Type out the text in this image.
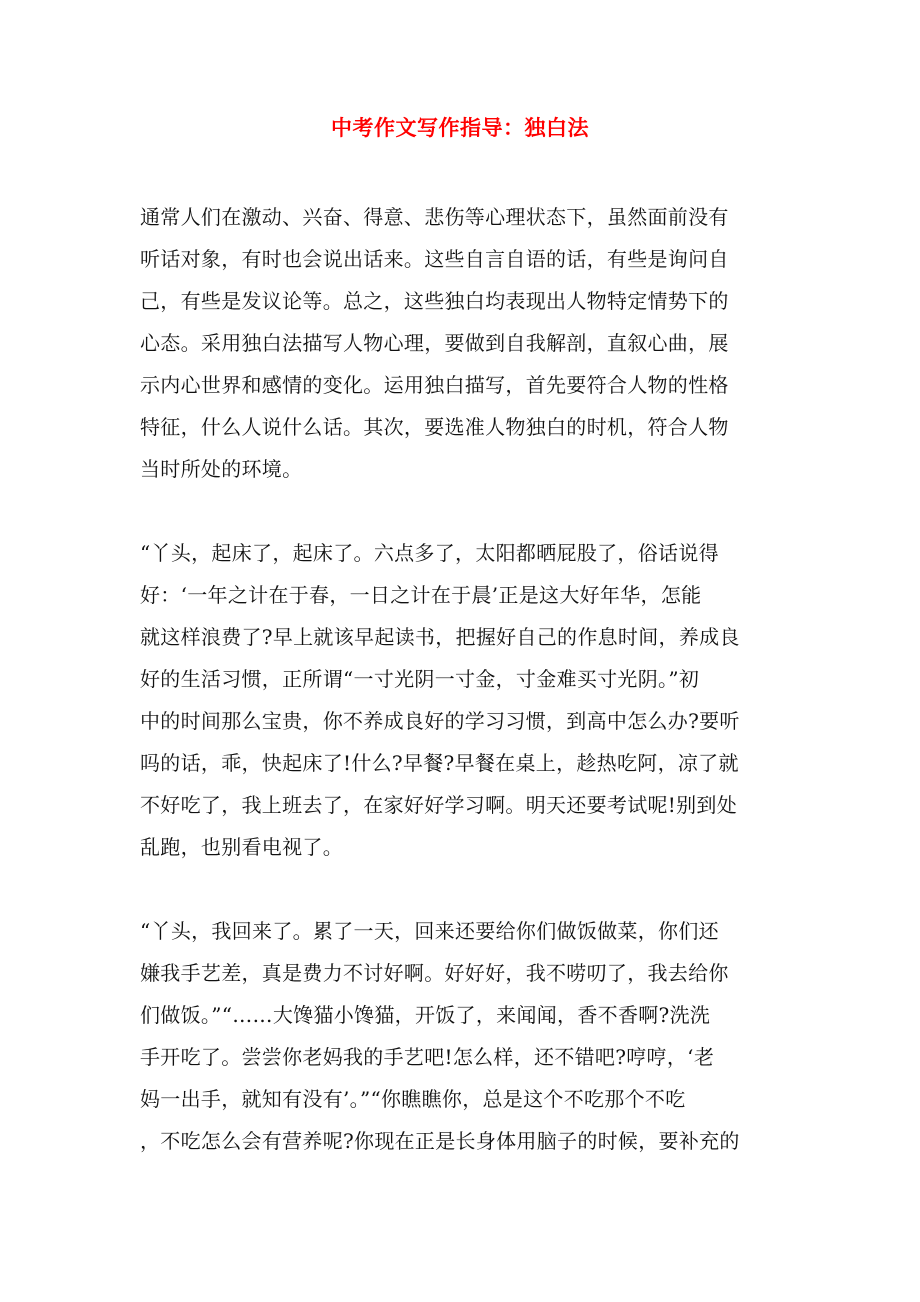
中考作文写作指导：独白法
通常人们在激动、兴奋、得意、悲伤等心理状态下，虽然面前没有
听话对象，有时也会说出话来。这些自言自语的话，有些是询问自
己，有些是发议论等。总之，这些独白均表现出人物特定情势下的
心态。采用独白法描写人物心理，要做到自我解剖，直叙心曲，展
示内心世界和感情的变化。运用独白描写，首先要符合人物的性格
特征，什么人说什么话。其次，要选准人物独白的时机，符合人物
当时所处的环境。
“丫头，起床了，起床了。六点多了，太阳都晒屁股了，俗话说得
好：‘一年之计在于春，一日之计在于晨’正是这大好年华，怎能
就这样浪费了?早上就该早起读书，把握好自己的作息时间，养成良
好的生活习惯，正所谓“一寸光阴一寸金，寸金难买寸光阴。”初
中的时间那么宝贵，你不养成良好的学习习惯，到高中怎么办?要听
吗的话，乖，快起床了!什么?早餐?早餐在桌上，趁热吃阿，凉了就
不好吃了，我上班去了，在家好好学习啊。明天还要考试呢!别到处
乱跑，也别看电视了。
“丫头，我回来了。累了一天，回来还要给你们做饭做菜，你们还
嫌我手艺差，真是费力不讨好啊。好好好，我不唠叨了，我去给你
们做饭。”“……大馋猫小馋猫，开饭了，来闻闻，香不香啊?洗洗
手开吃了。尝尝你老妈我的手艺吧!怎么样，还不错吧?哼哼，‘老
妈一出手，就知有没有’。”“你瞧瞧你，总是这个不吃那个不吃
，不吃怎么会有营养呢?你现在正是长身体用脑子的时候，要补充的
